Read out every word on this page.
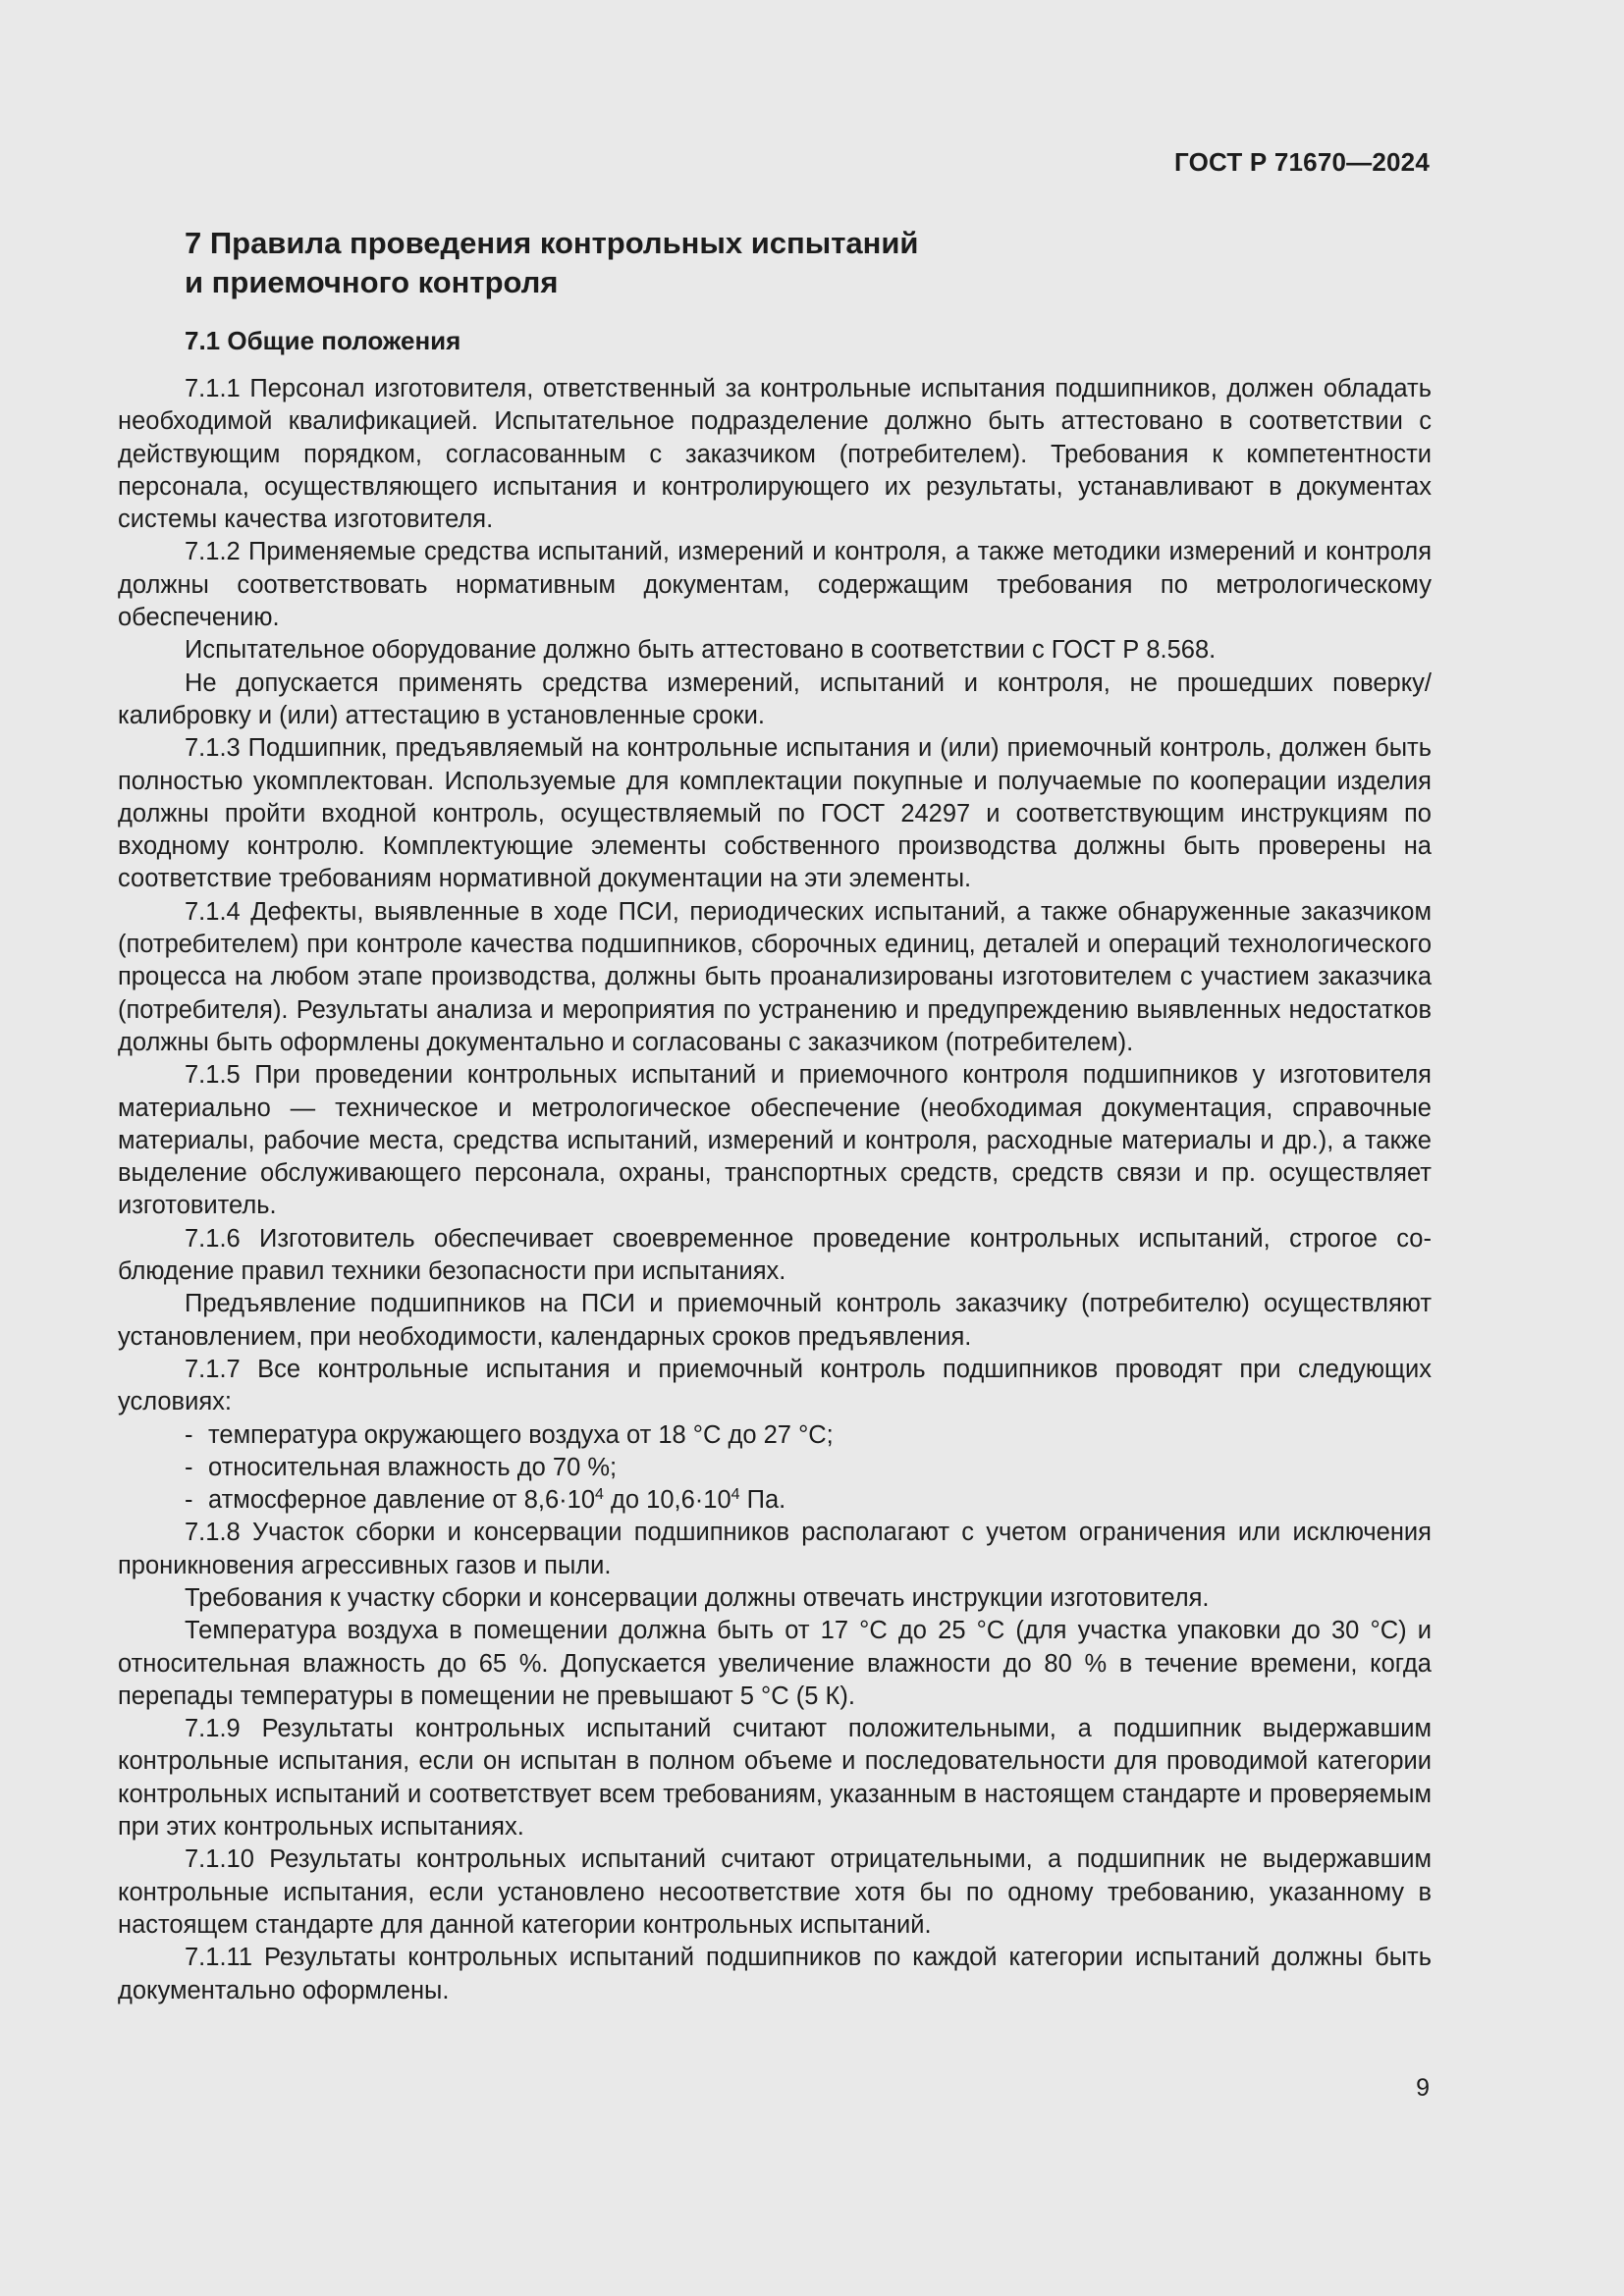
ГОСТ Р 71670—2024
7 Правила проведения контрольных испытаний
и приемочного контроля
7.1 Общие положения

7.1.1 Персонал изготовителя, ответственный за контрольные испытания подшипников, должен обладать необходимой квалификацией. Испытательное подразделение должно быть аттестовано в соответствии с действующим порядком, согласованным с заказчиком (потребителем). Требования к компетентности персонала, осуществляющего испытания и контролирующего их результаты, устанавливают в документах системы качества изготовителя.

7.1.2 Применяемые средства испытаний, измерений и контроля, а также методики измерений и контроля должны соответствовать нормативным документам, содержащим требования по метрологическому обеспечению.

Испытательное оборудование должно быть аттестовано в соответствии с ГОСТ Р 8.568.

Не допускается применять средства измерений, испытаний и контроля, не прошедших поверку/калибровку и (или) аттестацию в установленные сроки.

7.1.3 Подшипник, предъявляемый на контрольные испытания и (или) приемочный контроль, должен быть полностью укомплектован. Используемые для комплектации покупные и получаемые по кооперации изделия должны пройти входной контроль, осуществляемый по ГОСТ 24297 и соответствующим инструкциям по входному контролю. Комплектующие элементы собственного производства должны быть проверены на соответствие требованиям нормативной документации на эти элементы.

7.1.4 Дефекты, выявленные в ходе ПСИ, периодических испытаний, а также обнаруженные заказчиком (потребителем) при контроле качества подшипников, сборочных единиц, деталей и операций технологического процесса на любом этапе производства, должны быть проанализированы изготовителем с участием заказчика (потребителя). Результаты анализа и мероприятия по устранению и предупреждению выявленных недостатков должны быть оформлены документально и согласованы с заказчиком (потребителем).

7.1.5 При проведении контрольных испытаний и приемочного контроля подшипников у изготовителя материально — техническое и метрологическое обеспечение (необходимая документация, справочные материалы, рабочие места, средства испытаний, измерений и контроля, расходные материалы и др.), а также выделение обслуживающего персонала, охраны, транспортных средств, средств связи и пр. осуществляет изготовитель.

7.1.6 Изготовитель обеспечивает своевременное проведение контрольных испытаний, строгое соблюдение правил техники безопасности при испытаниях.

Предъявление подшипников на ПСИ и приемочный контроль заказчику (потребителю) осуществляют установлением, при необходимости, календарных сроков предъявления.

7.1.7 Все контрольные испытания и приемочный контроль подшипников проводят при следующих условиях:

- температура окружающего воздуха от 18 °С до 27 °С;
- относительная влажность до 70 %;
- атмосферное давление от $8,6\cdot 10^4$ до $10,6\cdot 10^4$ Па.

7.1.8 Участок сборки и консервации подшипников располагают с учетом ограничения или исключения проникновения агрессивных газов и пыли.

Требования к участку сборки и консервации должны отвечать инструкции изготовителя.

Температура воздуха в помещении должна быть от 17 °С до 25 °С (для участка упаковки до 30 °С) и относительная влажность до 65 %. Допускается увеличение влажности до 80 % в течение времени, когда перепады температуры в помещении не превышают 5 °С (5 К).

7.1.9 Результаты контрольных испытаний считают положительными, а подшипник выдержавшим контрольные испытания, если он испытан в полном объеме и последовательности для проводимой категории контрольных испытаний и соответствует всем требованиям, указанным в настоящем стандарте и проверяемым при этих контрольных испытаниях.

7.1.10 Результаты контрольных испытаний считают отрицательными, а подшипник не выдержавшим контрольные испытания, если установлено несоответствие хотя бы по одному требованию, указанному в настоящем стандарте для данной категории контрольных испытаний.

7.1.11 Результаты контрольных испытаний подшипников по каждой категории испытаний должны быть документально оформлены.

9
